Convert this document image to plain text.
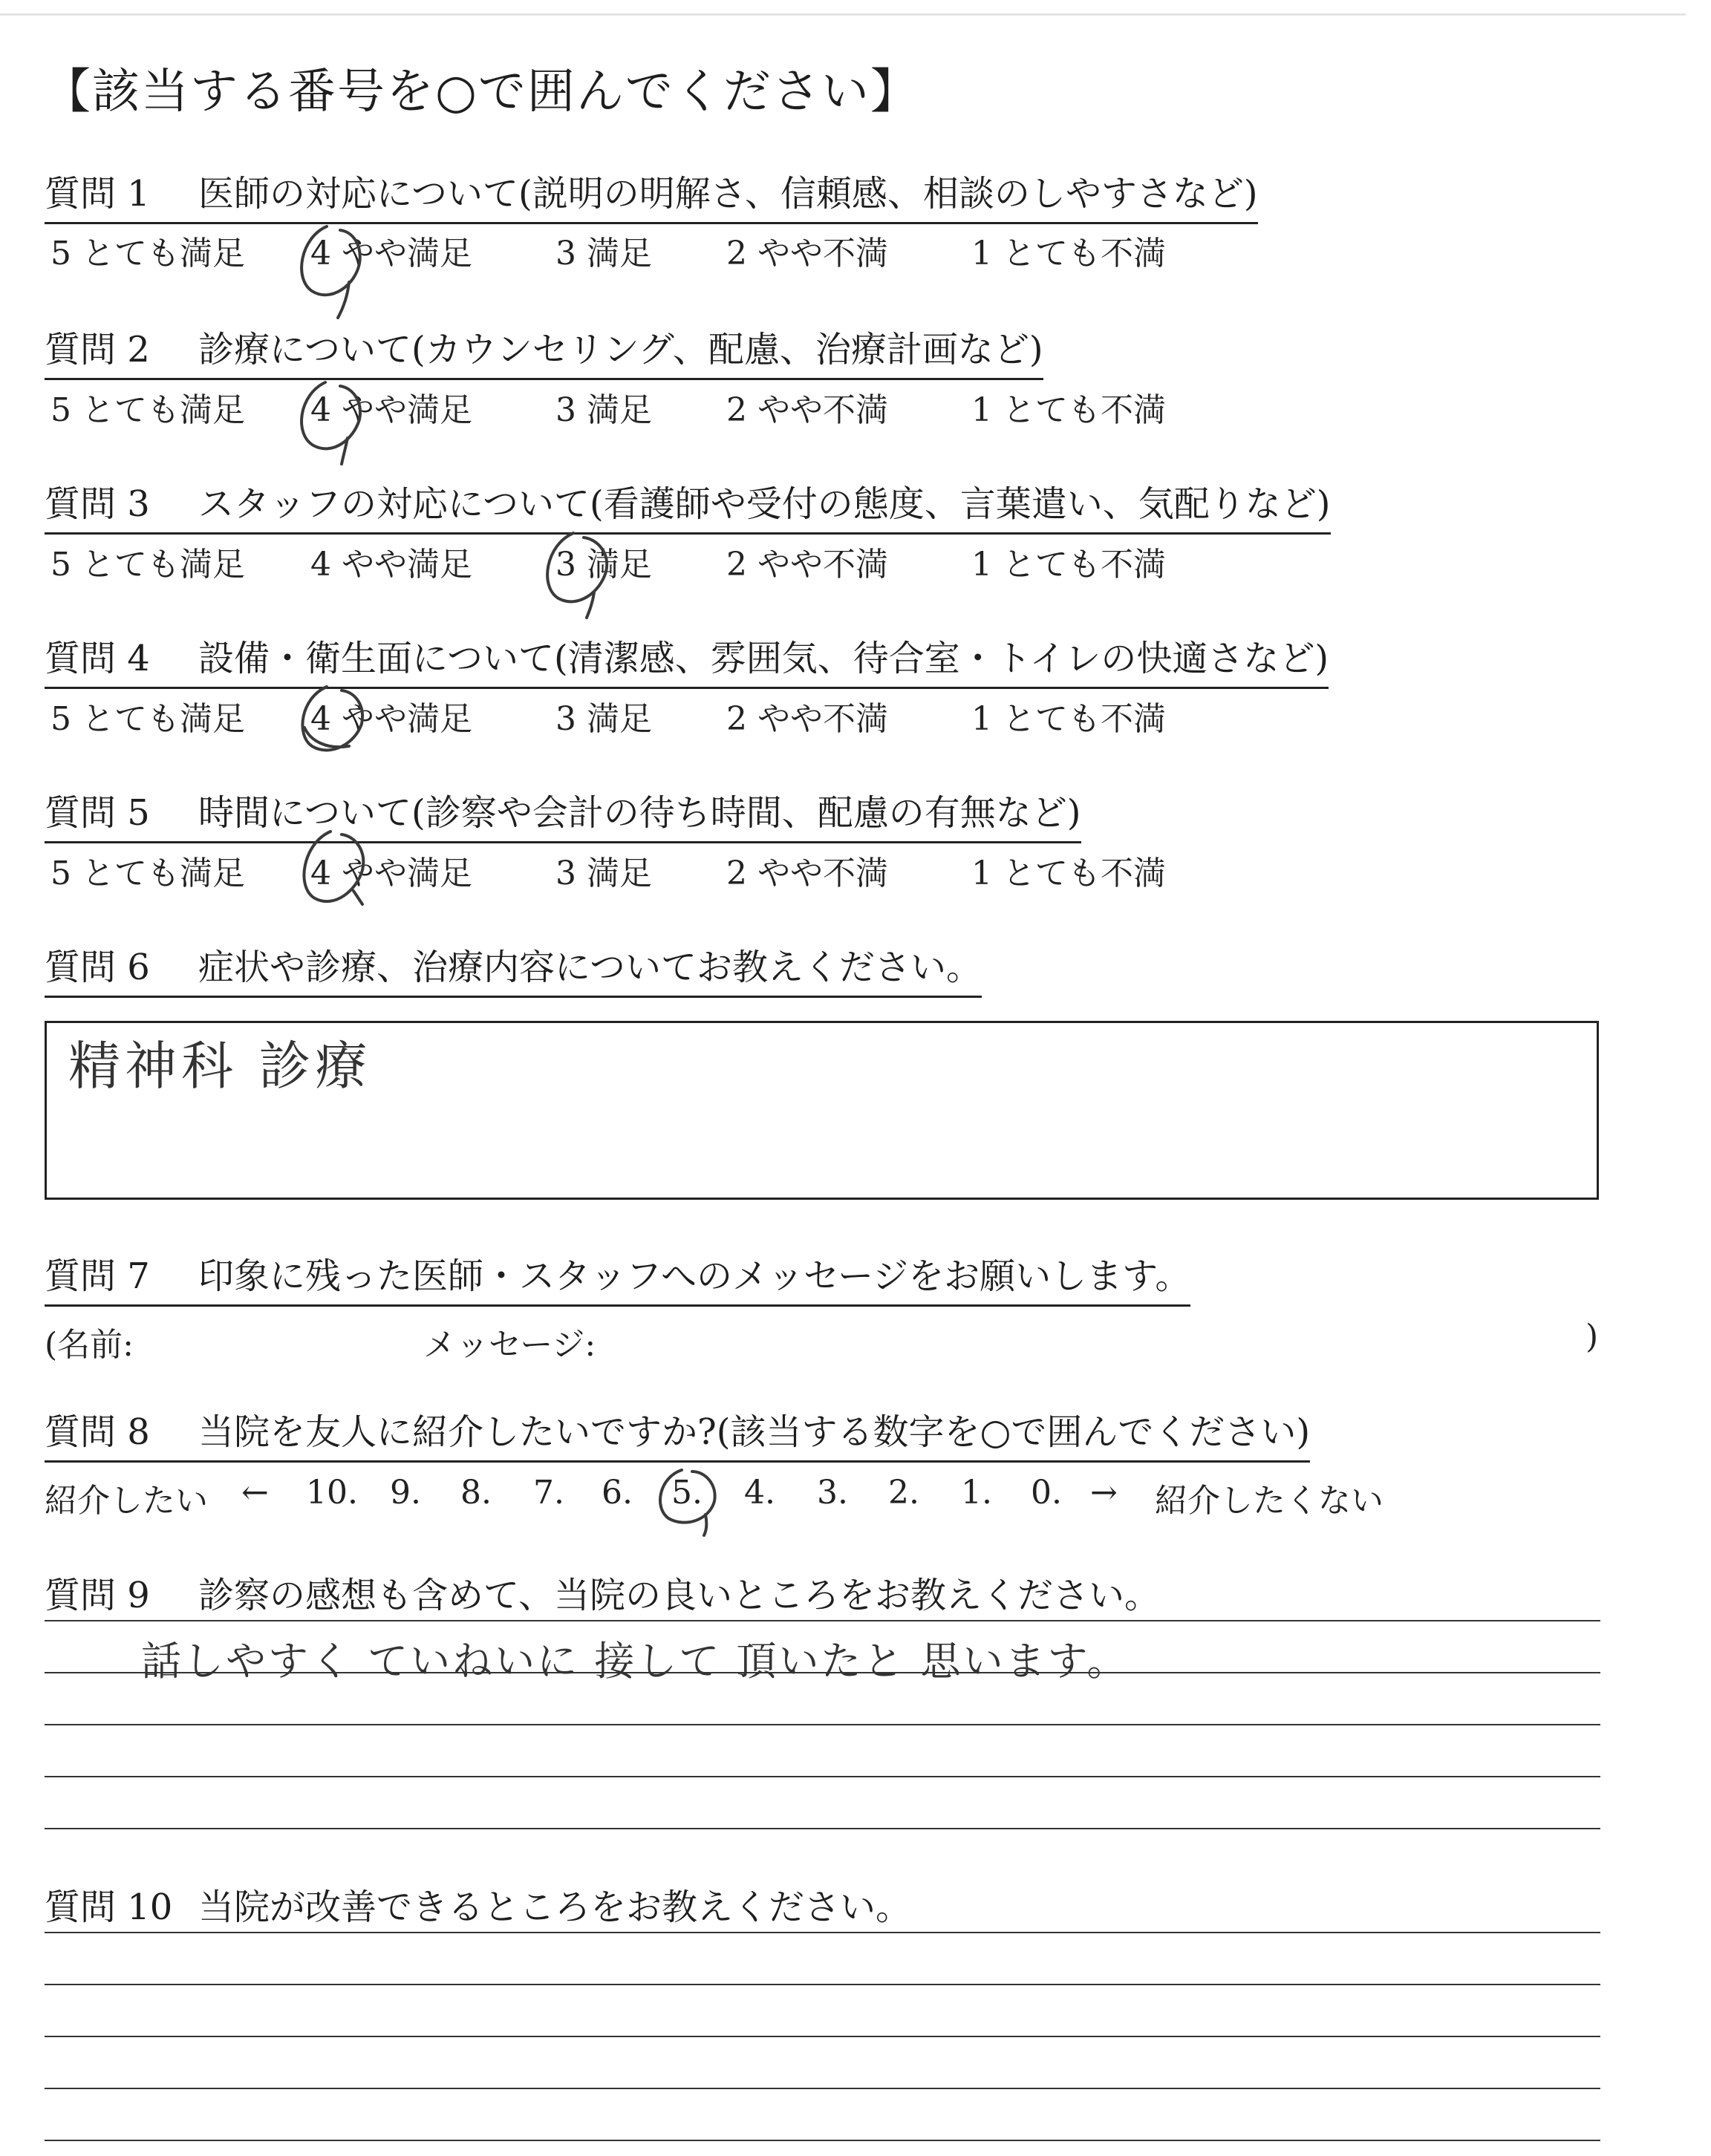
【該当する番号を○で囲んでください】
質問 1 医師の対応について(説明の明解さ、信頼感、相談のしやすさなど)
5 とても満足 4 やや満足	3 満足 2 やや不満	1 とても不満
質問 2 診療について(カウンセリング、配慮、治療計画など)
5 とても満足 4 やや満足	3 満足 2 やや不満	1 とても不満
質問 3 スタッフの対応について(看護師や受付の態度、言葉遣い、気配りなど)
5 とても満足 4 やや満足	3 満足 2 やや不満	1 とても不満
質問 4 設備・衛生面について(清潔感、雰囲気、待合室・トイレの快適さなど)
5 とても満足 4 やや満足	3 満足 2 やや不満	1 とても不満
質問 5 時間について(診察や会計の待ち時間、配慮の有無など)
5 とても満足 4 やや満足	3 満足 2 やや不満	1 とても不満
質問 6 症状や診療、治療内容についてお教えください。
精神科 診療
質問 7 印象に残った医師・スタッフへのメッセージをお願いします。
(名前:	メッセージ:	)
質問 8 当院を友人に紹介したいですか?(該当する数字を○で囲んでください)
紹介したい ← 10. 9. 8. 7. 6. 5. 4. 3. 2. 1. 0. → 紹介したくない
質問 9 診察の感想も含めて、当院の良いところをお教えください。
話しやすく ていねいに 接して 頂いたと 思います。
質問 10 当院が改善できるところをお教えください。
